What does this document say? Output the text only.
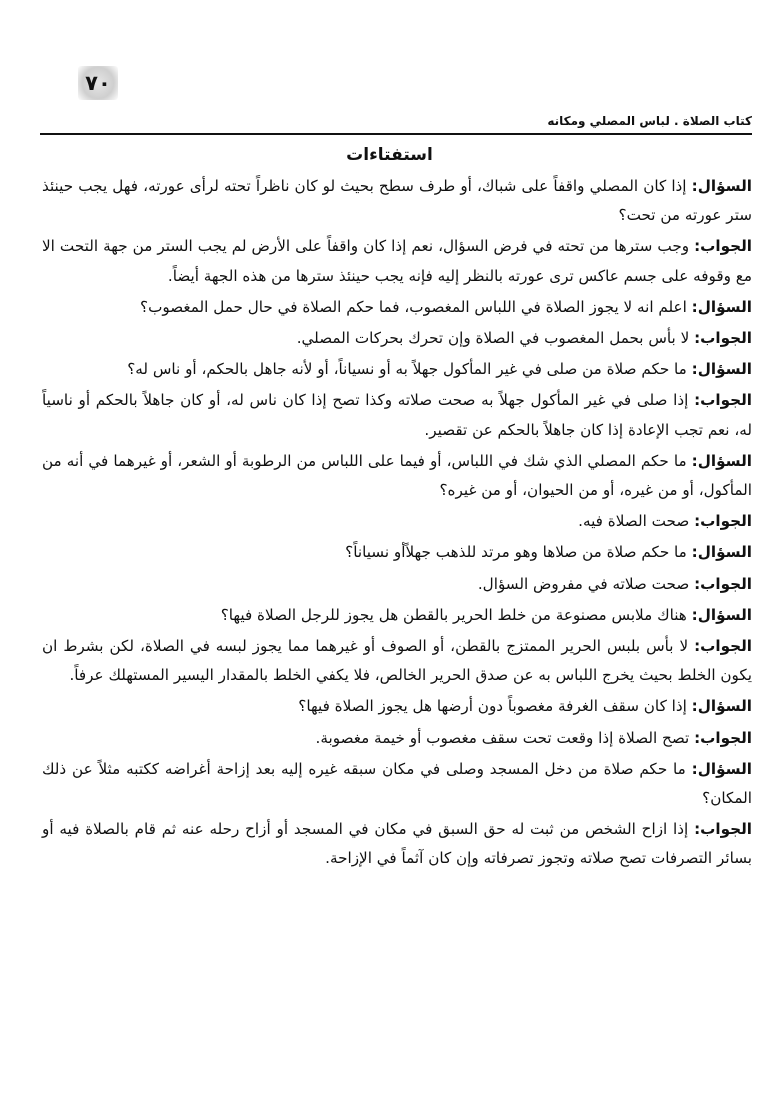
٧٠
كتاب الصلاة . لباس المصلي ومكانه
استفتاءات

السؤال: إذا كان المصلي واقفاً على شباك، أو طرف سطح بحيث لو كان ناظراً تحته لرأى عورته، فهل يجب حينئذ ستر عورته من تحت؟

الجواب: وجب سترها من تحته في فرض السؤال، نعم إذا كان واقفاً على الأرض لم يجب الستر من جهة التحت الا مع وقوفه على جسم عاكس ترى عورته بالنظر إليه فإنه يجب حينئذ سترها من هذه الجهة أيضاً.

السؤال: اعلم انه لا يجوز الصلاة في اللباس المغصوب، فما حكم الصلاة في حال حمل المغصوب؟

الجواب: لا بأس بحمل المغصوب في الصلاة وإن تحرك بحركات المصلي.

السؤال: ما حكم صلاة من صلى في غير المأكول جهلاً به أو نسياناً، أو لأنه جاهل بالحكم، أو ناس له؟

الجواب: إذا صلى في غير المأكول جهلاً به صحت صلاته وكذا تصح إذا كان ناس له، أو كان جاهلاً بالحكم أو ناسياً له، نعم تجب الإعادة إذا كان جاهلاً بالحكم عن تقصير.

السؤال: ما حكم المصلي الذي شك في اللباس، أو فيما على اللباس من الرطوبة أو الشعر، أو غيرهما في أنه من المأكول، أو من غيره، أو من الحيوان، أو من غيره؟

الجواب: صحت الصلاة فيه.

السؤال: ما حكم صلاة من صلاها وهو مرتد للذهب جهلاًأو نسياناً؟

الجواب: صحت صلاته في مفروض السؤال.

السؤال: هناك ملابس مصنوعة من خلط الحرير بالقطن هل يجوز للرجل الصلاة فيها؟

الجواب: لا بأس بلبس الحرير الممتزج بالقطن، أو الصوف أو غيرهما مما يجوز لبسه في الصلاة، لكن بشرط ان يكون الخلط بحيث يخرج اللباس به عن صدق الحرير الخالص، فلا يكفي الخلط بالمقدار اليسير المستهلك عرفاً.

السؤال: إذا كان سقف الغرفة مغصوباً دون أرضها هل يجوز الصلاة فيها؟

الجواب: تصح الصلاة إذا وقعت تحت سقف مغصوب أو خيمة مغصوبة.

السؤال: ما حكم صلاة من دخل المسجد وصلى في مكان سبقه غيره إليه بعد إزاحة أغراضه ككتبه مثلاً عن ذلك المكان؟

الجواب: إذا ازاح الشخص من ثبت له حق السبق في مكان في المسجد أو أزاح رحله عنه ثم قام بالصلاة فيه أو بسائر التصرفات تصح صلاته وتجوز تصرفاته وإن كان آثماً في الإزاحة.
